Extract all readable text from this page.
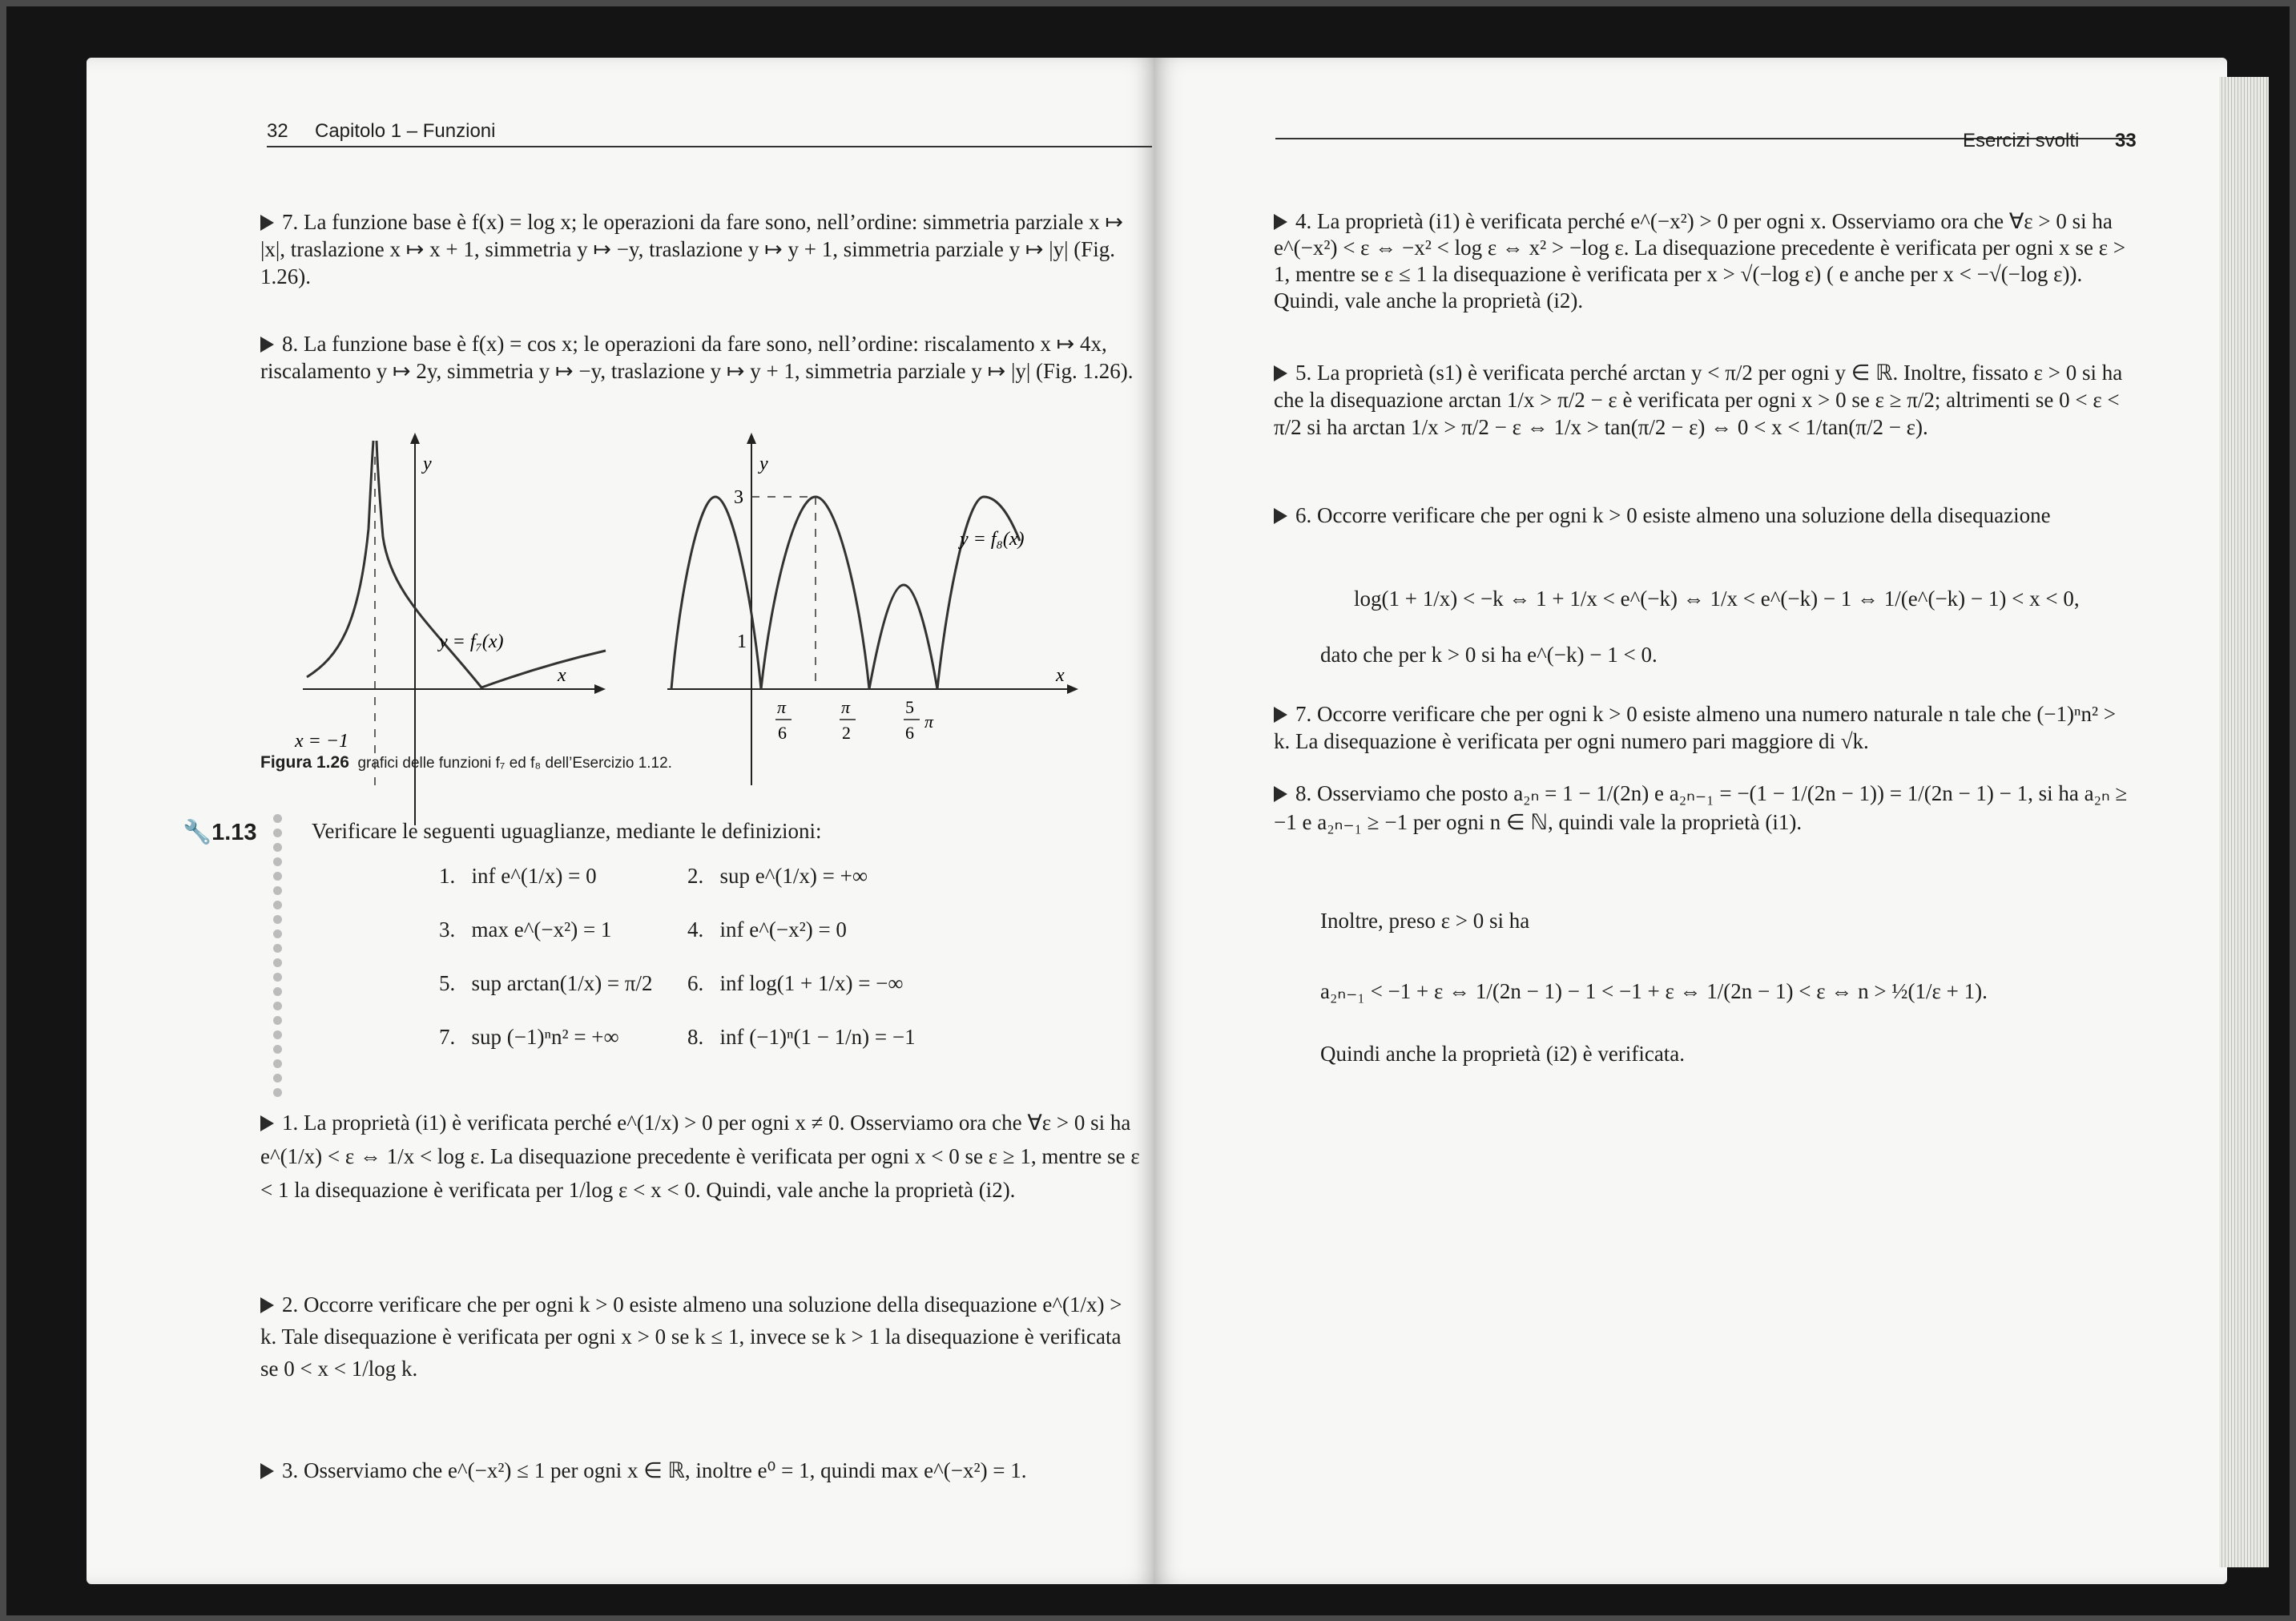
32 Capitolo 1 – Funzioni
7. La funzione base è f(x) = log x; le operazioni da fare sono, nell’ordine: simmetria parziale x ↦ |x|, traslazione x ↦ x + 1, simmetria y ↦ −y, traslazione y ↦ y + 1, simmetria parziale y ↦ |y| (Fig. 1.26).
8. La funzione base è f(x) = cos x; le operazioni da fare sono, nell’ordine: riscalamento x ↦ 4x, riscalamento y ↦ 2y, simmetria y ↦ −y, traslazione y ↦ y + 1, simmetria parziale y ↦ |y| (Fig. 1.26).
y
x
y = f₇(x)
x = −1
y
x
y = f₈(x)
3
1
π
6
π
2
5
6
π
Figura 1.26 grafici delle funzioni f₇ ed f₈ dell’Esercizio 1.12.
🔧1.13	Verificare le seguenti uguaglianze, mediante le definizioni:
1. inf e^(1/x) = 0	2. sup e^(1/x) = +∞
3. max e^(−x²) = 1	4. inf e^(−x²) = 0
5. sup arctan(1/x) = π/2 6. inf log(1 + 1/x) = −∞
7. sup (−1)ⁿn² = +∞	8. inf (−1)ⁿ(1 − 1/n) = −1
1. La proprietà (i1) è verificata perché e^(1/x) > 0 per ogni x ≠ 0. Osserviamo ora che ∀ε > 0 si ha e^(1/x) < ε ⇔ 1/x < log ε. La disequazione precedente è verificata per ogni x < 0 se ε ≥ 1, mentre se ε < 1 la disequazione è verificata per 1/log ε < x < 0. Quindi, vale anche la proprietà (i2).
2. Occorre verificare che per ogni k > 0 esiste almeno una soluzione della disequazione e^(1/x) > k. Tale disequazione è verificata per ogni x > 0 se k ≤ 1, invece se k > 1 la disequazione è verificata se 0 < x < 1/log k.
3. Osserviamo che e^(−x²) ≤ 1 per ogni x ∈ ℝ, inoltre e⁰ = 1, quindi max e^(−x²) = 1.
Esercizi svolti 33
4. La proprietà (i1) è verificata perché e^(−x²) > 0 per ogni x. Osserviamo ora che ∀ε > 0 si ha e^(−x²) < ε ⇔ −x² < log ε ⇔ x² > −log ε. La disequazione precedente è verificata per ogni x se ε > 1, mentre se ε ≤ 1 la disequazione è verificata per x > √(−log ε) ( e anche per x < −√(−log ε)). Quindi, vale anche la proprietà (i2).
5. La proprietà (s1) è verificata perché arctan y < π/2 per ogni y ∈ ℝ. Inoltre, fissato ε > 0 si ha che la disequazione arctan 1/x > π/2 − ε è verificata per ogni x > 0 se ε ≥ π/2; altrimenti se 0 < ε < π/2 si ha arctan 1/x > π/2 − ε ⇔ 1/x > tan(π/2 − ε) ⇔ 0 < x < 1/tan(π/2 − ε).
6. Occorre verificare che per ogni k > 0 esiste almeno una soluzione della disequazione
log(1 + 1/x) < −k ⇔ 1 + 1/x < e^(−k) ⇔ 1/x < e^(−k) − 1 ⇔ 1/(e^(−k) − 1) < x < 0,
dato che per k > 0 si ha e^(−k) − 1 < 0.
7. Occorre verificare che per ogni k > 0 esiste almeno una numero naturale n tale che (−1)ⁿn² > k. La disequazione è verificata per ogni numero pari maggiore di √k.
8. Osserviamo che posto a₂ₙ = 1 − 1/(2n) e a₂ₙ₋₁ = −(1 − 1/(2n − 1)) = 1/(2n − 1) − 1, si ha a₂ₙ ≥ −1 e a₂ₙ₋₁ ≥ −1 per ogni n ∈ ℕ, quindi vale la proprietà (i1).
Inoltre, preso ε > 0 si ha
a₂ₙ₋₁ < −1 + ε ⇔ 1/(2n − 1) − 1 < −1 + ε ⇔ 1/(2n − 1) < ε ⇔ n > ½(1/ε + 1).
Quindi anche la proprietà (i2) è verificata.
